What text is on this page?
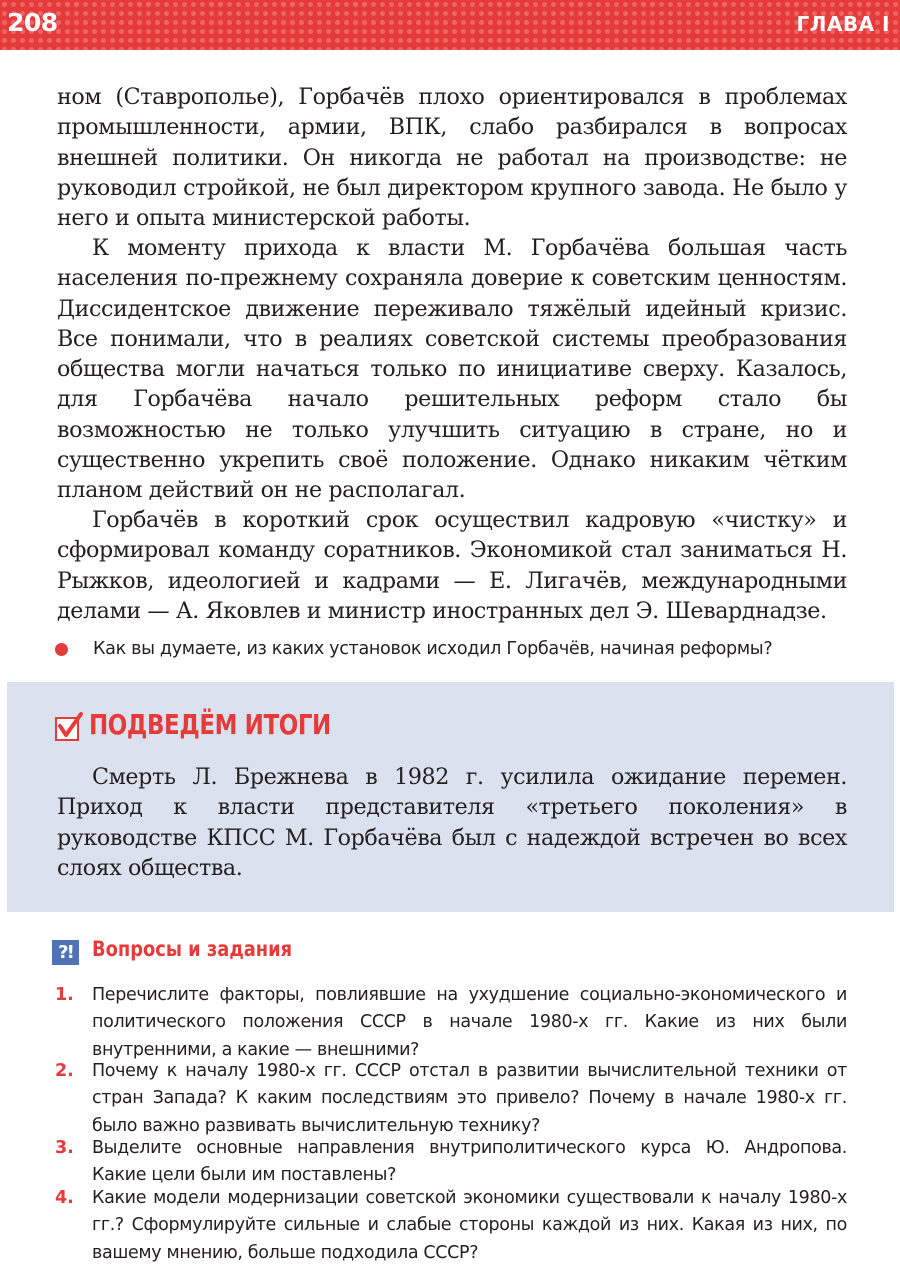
208	ГЛАВА I

ном (Ставрополье), Горбачёв плохо ориентировался в проблемах промышленности, армии, ВПК, слабо разбирался в вопросах внешней политики. Он никогда не работал на производстве: не руководил стройкой, не был директором крупного завода. Не было у него и опыта министерской работы.

К моменту прихода к власти М. Горбачёва большая часть населения по-прежнему сохраняла доверие к советским ценностям. Диссидентское движение переживало тяжёлый идейный кризис. Все понимали, что в реалиях советской системы преобразования общества могли начаться только по инициативе сверху. Казалось, для Горбачёва начало решительных реформ стало бы возможностью не только улучшить ситуацию в стране, но и существенно укрепить своё положение. Однако никаким чётким планом действий он не располагал.

Горбачёв в короткий срок осуществил кадровую «чистку» и сформировал команду соратников. Экономикой стал заниматься Н. Рыжков, идеологией и кадрами — Е. Лигачёв, международными делами — А. Яковлев и министр иностранных дел Э. Шеварднадзе.

Как вы думаете, из каких установок исходил Горбачёв, начиная реформы?
ПОДВЕДЁМ ИТОГИ

Смерть Л. Брежнева в 1982 г. усилила ожидание перемен. Приход к власти представителя «третьего поколения» в руководстве КПСС М. Горбачёва был с надеждой встречен во всех слоях общества.

?! Вопросы и задания
1. Перечислите факторы, повлиявшие на ухудшение социально-экономического и политического положения СССР в начале 1980-х гг. Какие из них были внутренними, а какие — внешними?

2. Почему к началу 1980-х гг. СССР отстал в развитии вычислительной техники от стран Запада? К каким последствиям это привело? Почему в начале 1980-х гг. было важно развивать вычислительную технику?

3. Выделите основные направления внутриполитического курса Ю. Андропова. Какие цели были им поставлены?

4. Какие модели модернизации советской экономики существовали к началу 1980-х гг.? Сформулируйте сильные и слабые стороны каждой из них. Какая из них, по вашему мнению, больше подходила СССР?
